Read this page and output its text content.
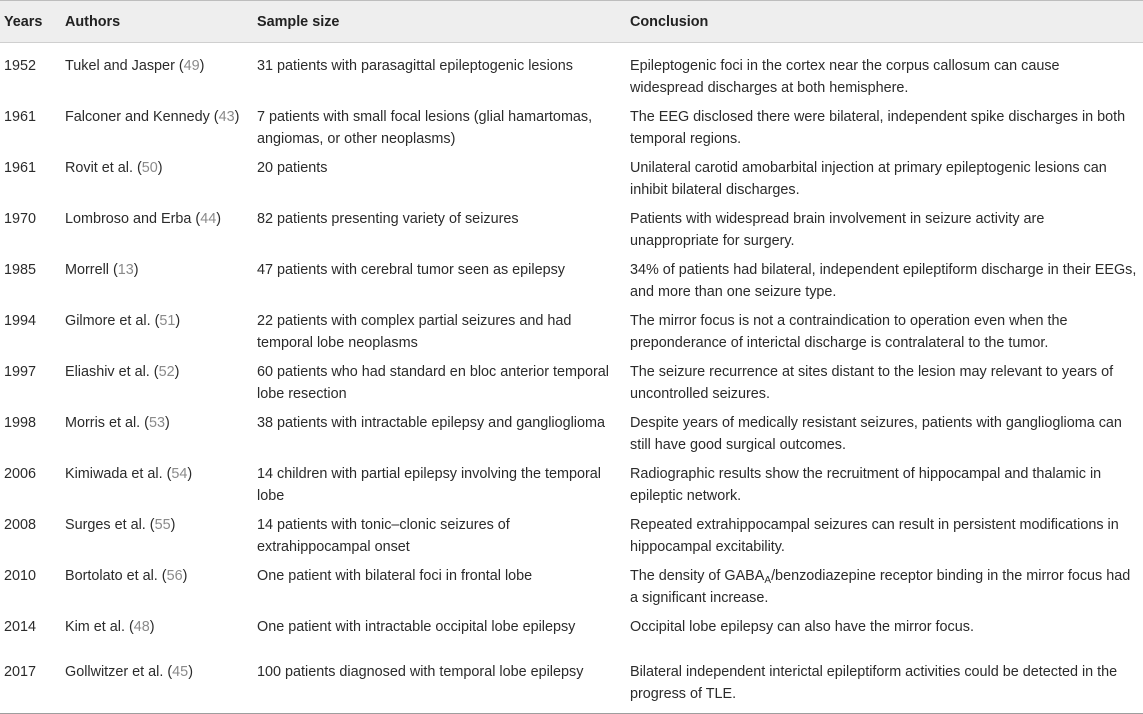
Years	Authors	Sample size	Conclusion
1952	Tukel and Jasper (49)	31 patients with parasagittal epileptogenic lesions	Epileptogenic foci in the cortex near the corpus callosum can cause widespread discharges at both hemisphere.
1961	Falconer and Kennedy (43)	7 patients with small focal lesions (glial hamartomas, angiomas, or other neoplasms)	The EEG disclosed there were bilateral, independent spike discharges in both temporal regions.
1961	Rovit et al. (50)	20 patients	Unilateral carotid amobarbital injection at primary epileptogenic lesions can inhibit bilateral discharges.
1970	Lombroso and Erba (44)	82 patients presenting variety of seizures	Patients with widespread brain involvement in seizure activity are unappropriate for surgery.
1985	Morrell (13)	47 patients with cerebral tumor seen as epilepsy	34% of patients had bilateral, independent epileptiform discharge in their EEGs, and more than one seizure type.
1994	Gilmore et al. (51)	22 patients with complex partial seizures and had temporal lobe neoplasms	The mirror focus is not a contraindication to operation even when the preponderance of interictal discharge is contralateral to the tumor.
1997	Eliashiv et al. (52)	60 patients who had standard en bloc anterior temporal lobe resection	The seizure recurrence at sites distant to the lesion may relevant to years of uncontrolled seizures.
1998	Morris et al. (53)	38 patients with intractable epilepsy and ganglioglioma	Despite years of medically resistant seizures, patients with ganglioglioma can still have good surgical outcomes.
2006	Kimiwada et al. (54)	14 children with partial epilepsy involving the temporal lobe	Radiographic results show the recruitment of hippocampal and thalamic in epileptic network.
2008	Surges et al. (55)	14 patients with tonic–clonic seizures of extrahippocampal onset	Repeated extrahippocampal seizures can result in persistent modifications in hippocampal excitability.
2010	Bortolato et al. (56)	One patient with bilateral foci in frontal lobe	The density of $GABA_A$/benzodiazepine receptor binding in the mirror focus had a significant increase.
2014	Kim et al. (48)	One patient with intractable occipital lobe epilepsy	Occipital lobe epilepsy can also have the mirror focus.
2017	Gollwitzer et al. (45)	100 patients diagnosed with temporal lobe epilepsy	Bilateral independent interictal epileptiform activities could be detected in the progress of TLE.
